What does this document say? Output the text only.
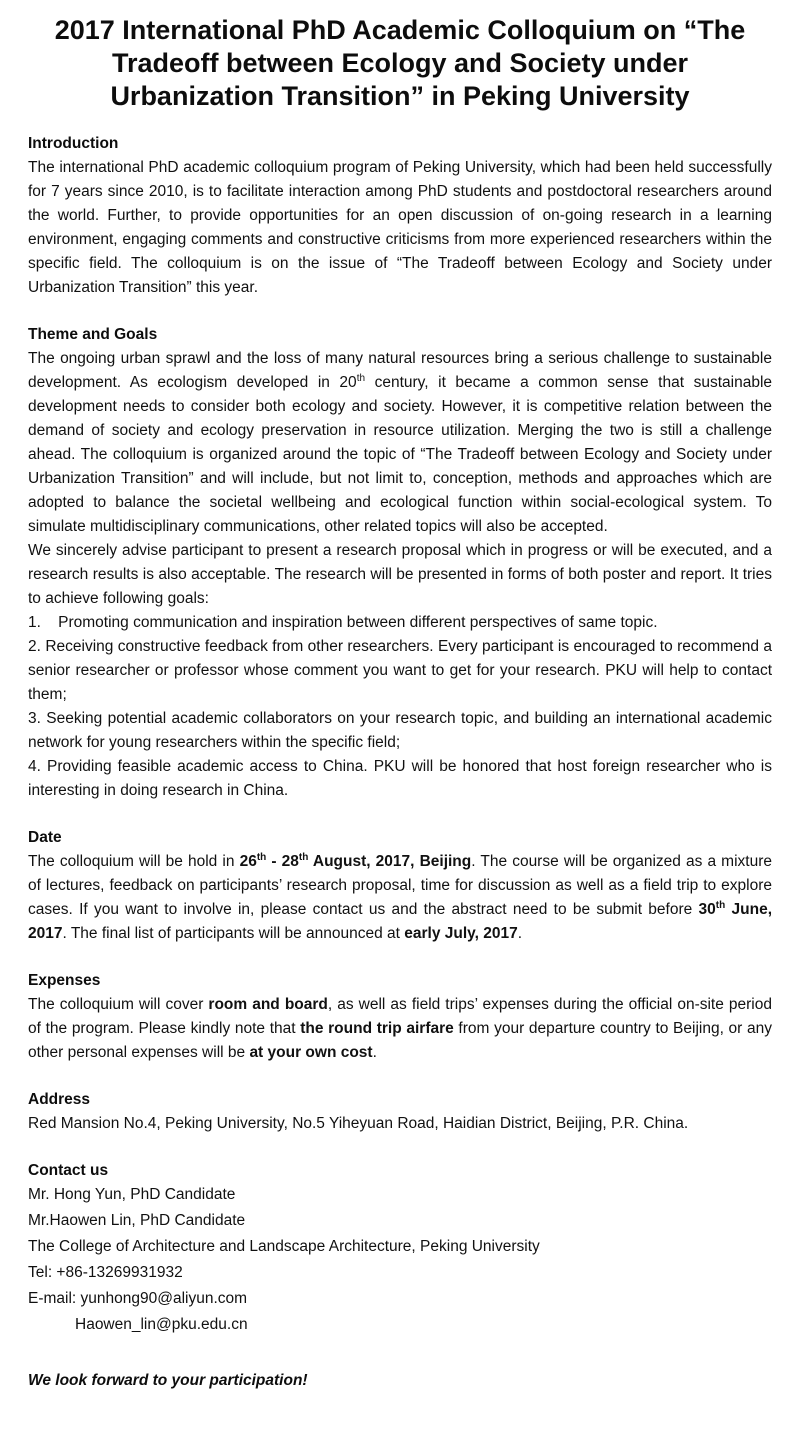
2017 International PhD Academic Colloquium on “The Tradeoff between Ecology and Society under Urbanization Transition” in Peking University
Introduction

The international PhD academic colloquium program of Peking University, which had been held successfully for 7 years since 2010, is to facilitate interaction among PhD students and postdoctoral researchers around the world. Further, to provide opportunities for an open discussion of on-going research in a learning environment, engaging comments and constructive criticisms from more experienced researchers within the specific field. The colloquium is on the issue of “The Tradeoff between Ecology and Society under Urbanization Transition” this year.

Theme and Goals

The ongoing urban sprawl and the loss of many natural resources bring a serious challenge to sustainable development. As ecologism developed in 20th century, it became a common sense that sustainable development needs to consider both ecology and society. However, it is competitive relation between the demand of society and ecology preservation in resource utilization. Merging the two is still a challenge ahead. The colloquium is organized around the topic of “The Tradeoff between Ecology and Society under Urbanization Transition” and will include, but not limit to, conception, methods and approaches which are adopted to balance the societal wellbeing and ecological function within social-ecological system. To simulate multidisciplinary communications, other related topics will also be accepted.

We sincerely advise participant to present a research proposal which in progress or will be executed, and a research results is also acceptable. The research will be presented in forms of both poster and report. It tries to achieve following goals:

1.    Promoting communication and inspiration between different perspectives of same topic.

2. Receiving constructive feedback from other researchers. Every participant is encouraged to recommend a senior researcher or professor whose comment you want to get for your research. PKU will help to contact them;

3. Seeking potential academic collaborators on your research topic, and building an international academic network for young researchers within the specific field;

4. Providing feasible academic access to China. PKU will be honored that host foreign researcher who is interesting in doing research in China.

Date

The colloquium will be hold in 26th - 28th August, 2017, Beijing. The course will be organized as a mixture of lectures, feedback on participants’ research proposal, time for discussion as well as a field trip to explore cases. If you want to involve in, please contact us and the abstract need to be submit before 30th June, 2017. The final list of participants will be announced at early July, 2017.

Expenses

The colloquium will cover room and board, as well as field trips’ expenses during the official on-site period of the program. Please kindly note that the round trip airfare from your departure country to Beijing, or any other personal expenses will be at your own cost.

Address

Red Mansion No.4, Peking University, No.5 Yiheyuan Road, Haidian District, Beijing, P.R. China.

Contact us

Mr. Hong Yun, PhD Candidate

Mr.Haowen Lin, PhD Candidate

The College of Architecture and Landscape Architecture, Peking University

Tel: +86-13269931932

E-mail: yunhong90@aliyun.com

Haowen_lin@pku.edu.cn

We look forward to your participation!
